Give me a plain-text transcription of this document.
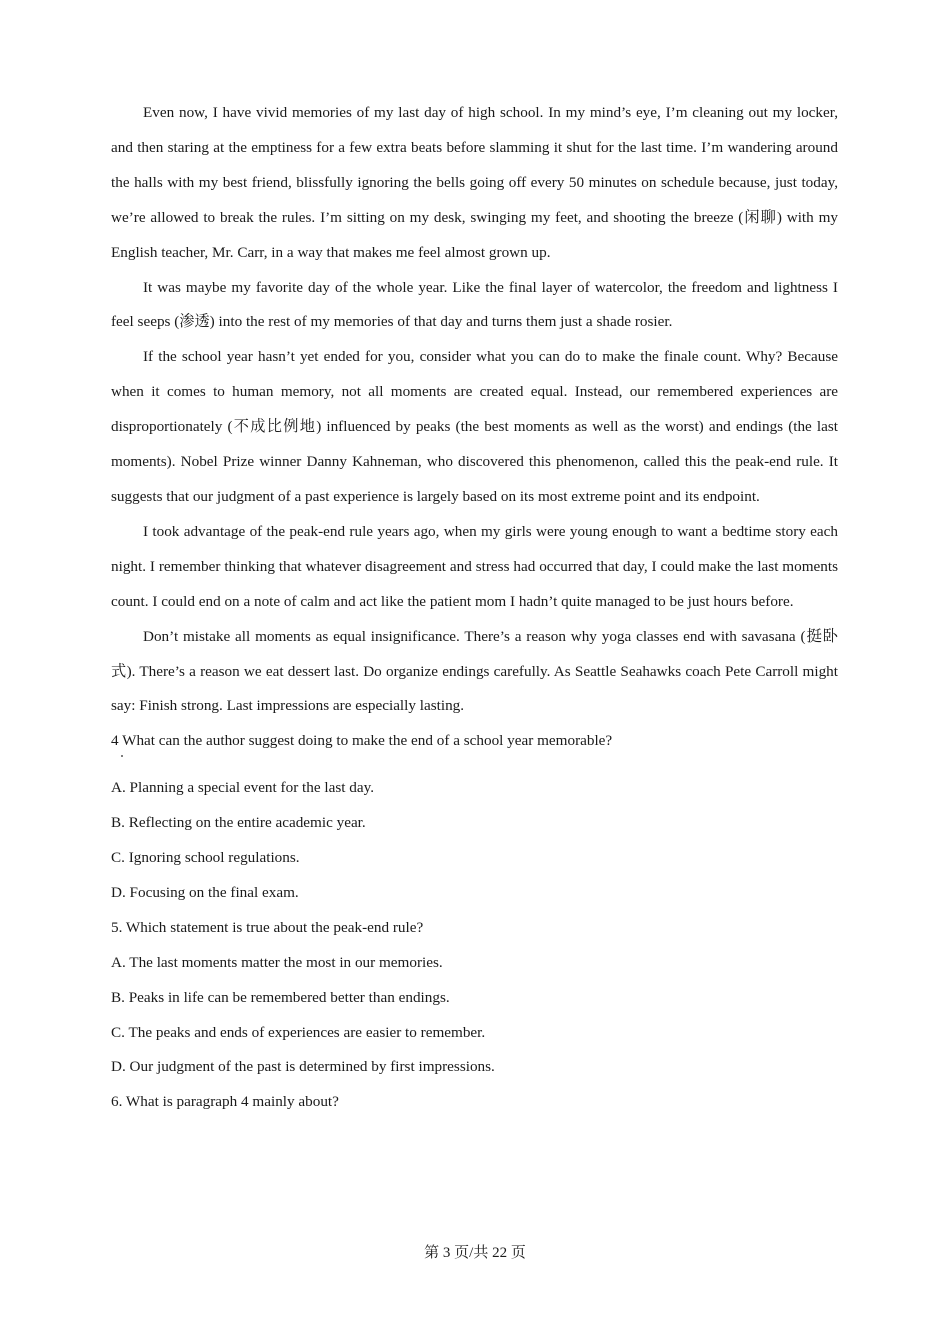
Even now, I have vivid memories of my last day of high school. In my mind’s eye, I’m cleaning out my locker, and then staring at the emptiness for a few extra beats before slamming it shut for the last time. I’m wandering around the halls with my best friend, blissfully ignoring the bells going off every 50 minutes on schedule because, just today, we’re allowed to break the rules. I’m sitting on my desk, swinging my feet, and shooting the breeze (闲聊) with my English teacher, Mr. Carr, in a way that makes me feel almost grown up.

It was maybe my favorite day of the whole year. Like the final layer of watercolor, the freedom and lightness I feel seeps (渗透) into the rest of my memories of that day and turns them just a shade rosier.

If the school year hasn’t yet ended for you, consider what you can do to make the finale count. Why? Because when it comes to human memory, not all moments are created equal. Instead, our remembered experiences are disproportionately (不成比例地) influenced by peaks (the best moments as well as the worst) and endings (the last moments). Nobel Prize winner Danny Kahneman, who discovered this phenomenon, called this the peak-end rule. It suggests that our judgment of a past experience is largely based on its most extreme point and its endpoint.

I took advantage of the peak-end rule years ago, when my girls were young enough to want a bedtime story each night. I remember thinking that whatever disagreement and stress had occurred that day, I could make the last moments count. I could end on a note of calm and act like the patient mom I hadn’t quite managed to be just hours before.

Don’t mistake all moments as equal insignificance. There’s a reason why yoga classes end with savasana (挺卧式). There’s a reason we eat dessert last. Do organize endings carefully. As Seattle Seahawks coach Pete Carroll might say: Finish strong. Last impressions are especially lasting.

4 What can the author suggest doing to make the end of a school year memorable?

A. Planning a special event for the last day.

B. Reflecting on the entire academic year.

C. Ignoring school regulations.

D. Focusing on the final exam.

5. Which statement is true about the peak-end rule?

A. The last moments matter the most in our memories.

B. Peaks in life can be remembered better than endings.

C. The peaks and ends of experiences are easier to remember.

D. Our judgment of the past is determined by first impressions.

6. What is paragraph 4 mainly about?

第 3 页/共 22 页
